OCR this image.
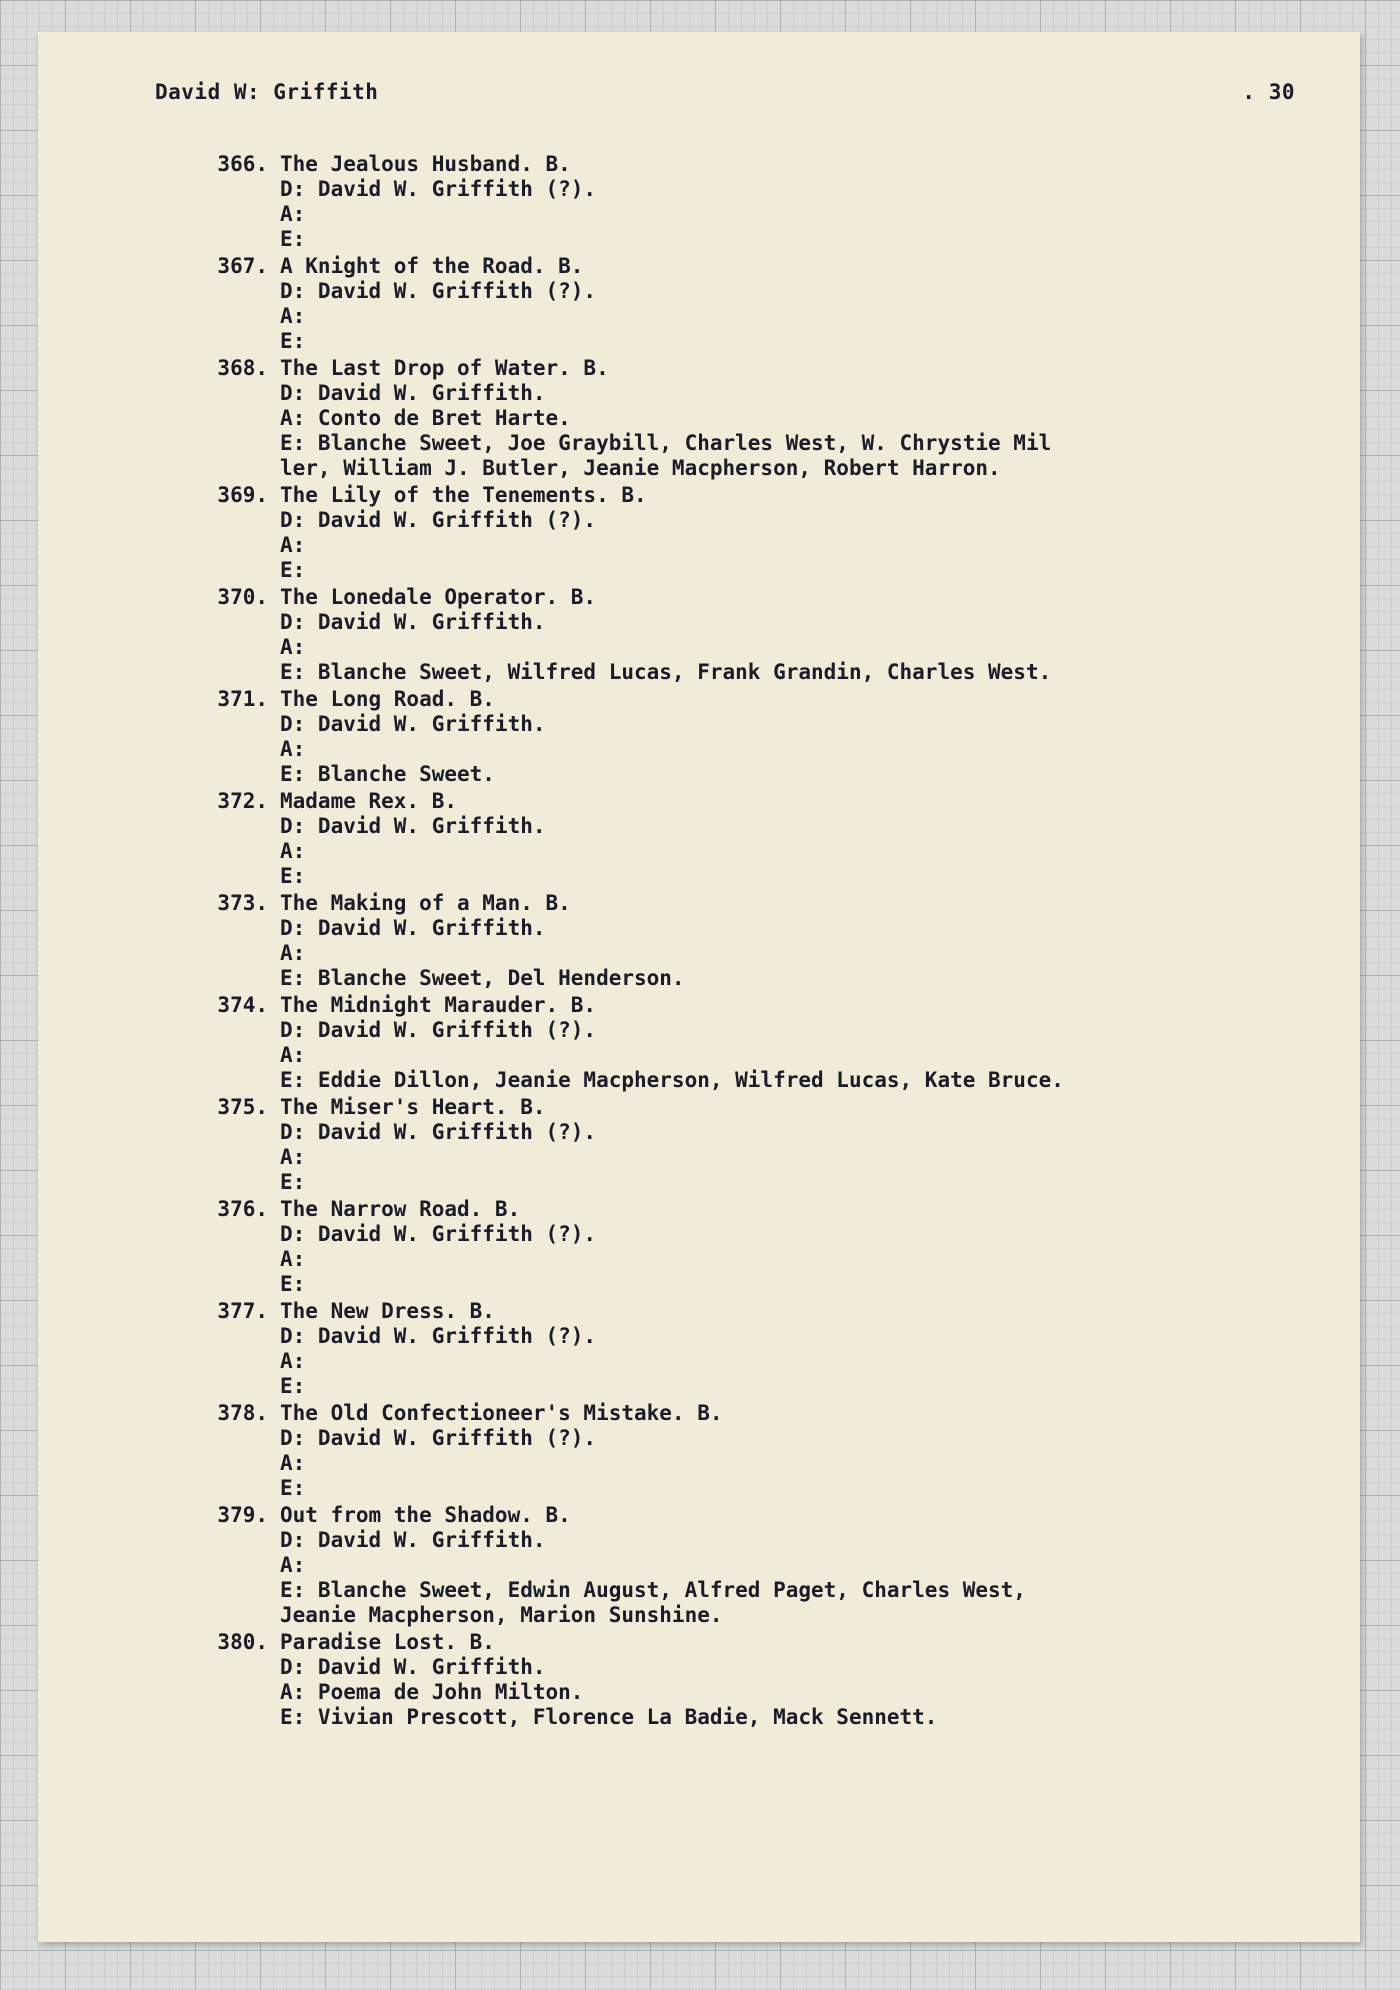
David W: Griffith	. 30
366. The Jealous Husband. B.
D: David W. Griffith (?).
A:
E:
367. A Knight of the Road. B.
D: David W. Griffith (?).
A:
E:
368. The Last Drop of Water. B.
D: David W. Griffith.
A: Conto de Bret Harte.
E: Blanche Sweet, Joe Graybill, Charles West, W. Chrystie Mil
ler, William J. Butler, Jeanie Macpherson, Robert Harron.
369. The Lily of the Tenements. B.
D: David W. Griffith (?).
A:
E:
370. The Lonedale Operator. B.
D: David W. Griffith.
A:
E: Blanche Sweet, Wilfred Lucas, Frank Grandin, Charles West.
371. The Long Road. B.
D: David W. Griffith.
A:
E: Blanche Sweet.
372. Madame Rex. B.
D: David W. Griffith.
A:
E:
373. The Making of a Man. B.
D: David W. Griffith.
A:
E: Blanche Sweet, Del Henderson.
374. The Midnight Marauder. B.
D: David W. Griffith (?).
A:
E: Eddie Dillon, Jeanie Macpherson, Wilfred Lucas, Kate Bruce.
375. The Miser's Heart. B.
D: David W. Griffith (?).
A:
E:
376. The Narrow Road. B.
D: David W. Griffith (?).
A:
E:
377. The New Dress. B.
D: David W. Griffith (?).
A:
E:
378. The Old Confectioneer's Mistake. B.
D: David W. Griffith (?).
A:
E:
379. Out from the Shadow. B.
D: David W. Griffith.
A:
E: Blanche Sweet, Edwin August, Alfred Paget, Charles West,
Jeanie Macpherson, Marion Sunshine.
380. Paradise Lost. B.
D: David W. Griffith.
A: Poema de John Milton.
E: Vivian Prescott, Florence La Badie, Mack Sennett.
